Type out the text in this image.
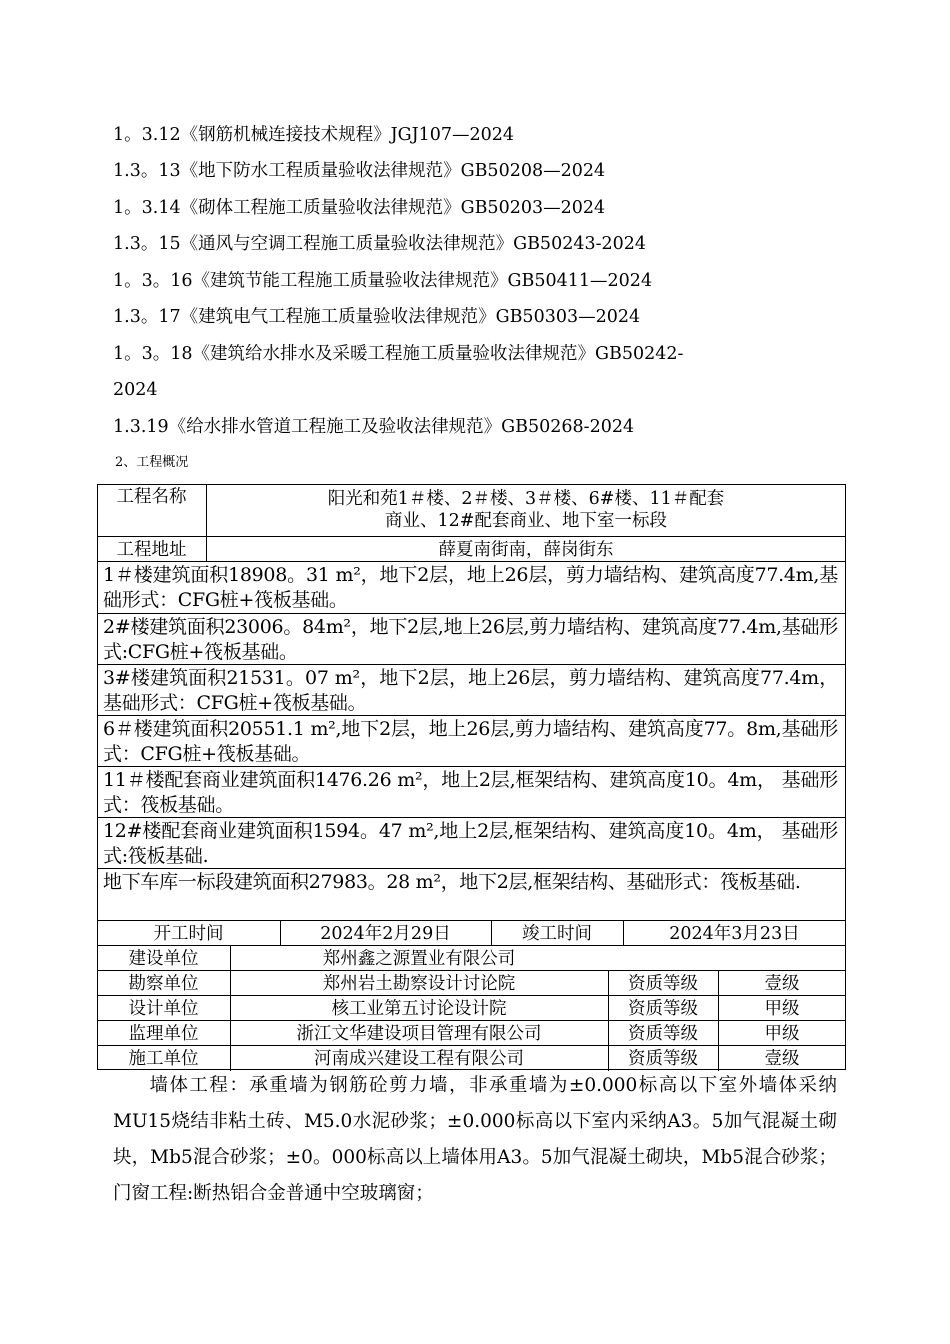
1。3.12《钢筋机械连接技术规程》JGJ107—2024
1.3。13《地下防水工程质量验收法律规范》GB50208—2024
1。3.14《砌体工程施工质量验收法律规范》GB50203—2024
1.3。15《通风与空调工程施工质量验收法律规范》GB50243-2024
1。3。16《建筑节能工程施工质量验收法律规范》GB50411—2024
1.3。17《建筑电气工程施工质量验收法律规范》GB50303—2024
1。3。18《建筑给水排水及采暖工程施工质量验收法律规范》GB50242-
2024
1.3.19《给水排水管道工程施工及验收法律规范》GB50268-2024
2、工程概况
工程名称	阳光和苑1＃楼、2＃楼、3＃楼、6#楼、11＃配套
商业、12#配套商业、地下室一标段
工程地址	薛夏南街南，薛岗街东
1＃楼建筑面积18908。31 m²，地下2层，地上26层，剪力墙结构、建筑高度77.4m,基础形式：CFG桩+筏板基础。
2#楼建筑面积23006。84m²，地下2层,地上26层,剪力墙结构、建筑高度77.4m,基础形式:CFG桩+筏板基础。
3#楼建筑面积21531。07 m²，地下2层，地上26层，剪力墙结构、建筑高度77.4m，基础形式：CFG桩+筏板基础。
6＃楼建筑面积20551.1 m²,地下2层，地上26层,剪力墙结构、建筑高度77。8m,基础形式：CFG桩+筏板基础。
11＃楼配套商业建筑面积1476.26 m²，地上2层,框架结构、建筑高度10。4m， 基础形式：筏板基础。
12#楼配套商业建筑面积1594。47 m²,地上2层,框架结构、建筑高度10。4m， 基础形式:筏板基础.
地下车库一标段建筑面积27983。28 m²，地下2层,框架结构、基础形式：筏板基础.
开工时间	2024年2月29日	竣工时间	2024年3月23日
建设单位	郑州鑫之源置业有限公司
勘察单位	郑州岩土勘察设计讨论院	资质等级	壹级
设计单位	核工业第五讨论设计院	资质等级	甲级
监理单位	浙江文华建设项目管理有限公司	资质等级	甲级
施工单位	河南成兴建设工程有限公司	资质等级	壹级
墙体工程：承重墙为钢筋砼剪力墙，非承重墙为±0.000标高以下室外墙体采纳MU15烧结非粘土砖、M5.0水泥砂浆；±0.000标高以下室内采纳A3。5加气混凝土砌块，Mb5混合砂浆；±0。000标高以上墙体用A3。5加气混凝土砌块，Mb5混合砂浆；门窗工程:断热铝合金普通中空玻璃窗；
